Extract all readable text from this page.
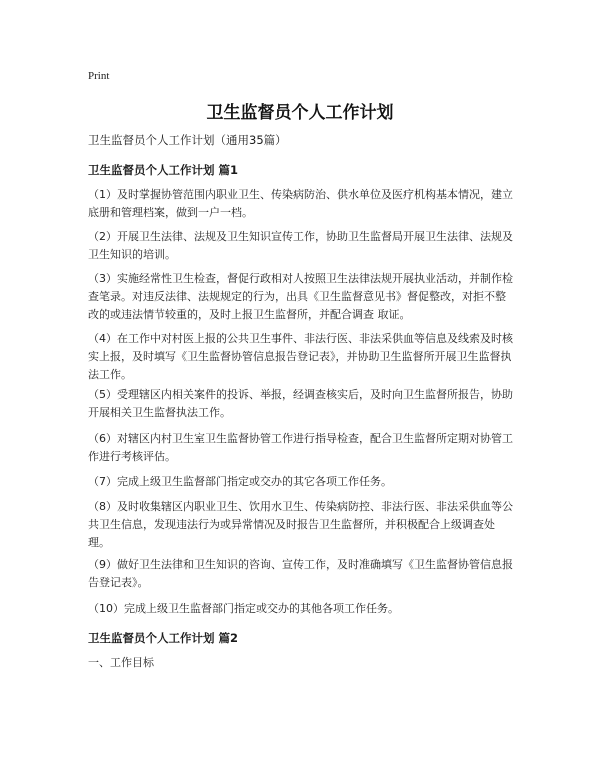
Print
卫生监督员个人工作计划
卫生监督员个人工作计划（通用35篇）
卫生监督员个人工作计划 篇1
（1）及时掌握协管范围内职业卫生、传染病防治、供水单位及医疗机构基本情况，建立底册和管理档案，做到一户一档。
（2）开展卫生法律、法规及卫生知识宣传工作，协助卫生监督局开展卫生法律、法规及卫生知识的培训。
（3）实施经常性卫生检查，督促行政相对人按照卫生法律法规开展执业活动，并制作检查笔录。对违反法律、法规规定的行为，出具《卫生监督意见书》督促整改，对拒不整改的或违法情节较重的，及时上报卫生监督所，并配合调查 取证。
（4）在工作中对村医上报的公共卫生事件、非法行医、非法采供血等信息及线索及时核实上报，及时填写《卫生监督协管信息报告登记表》，并协助卫生监督所开展卫生监督执法工作。
（5）受理辖区内相关案件的投诉、举报，经调查核实后，及时向卫生监督所报告，协助开展相关卫生监督执法工作。
（6）对辖区内村卫生室卫生监督协管工作进行指导检查，配合卫生监督所定期对协管工作进行考核评估。
（7）完成上级卫生监督部门指定或交办的其它各项工作任务。
（8）及时收集辖区内职业卫生、饮用水卫生、传染病防控、非法行医、非法采供血等公共卫生信息，发现违法行为或异常情况及时报告卫生监督所，并积极配合上级调查处理。
（9）做好卫生法律和卫生知识的咨询、宣传工作，及时准确填写《卫生监督协管信息报告登记表》。
（10）完成上级卫生监督部门指定或交办的其他各项工作任务。
卫生监督员个人工作计划 篇2
一、工作目标
